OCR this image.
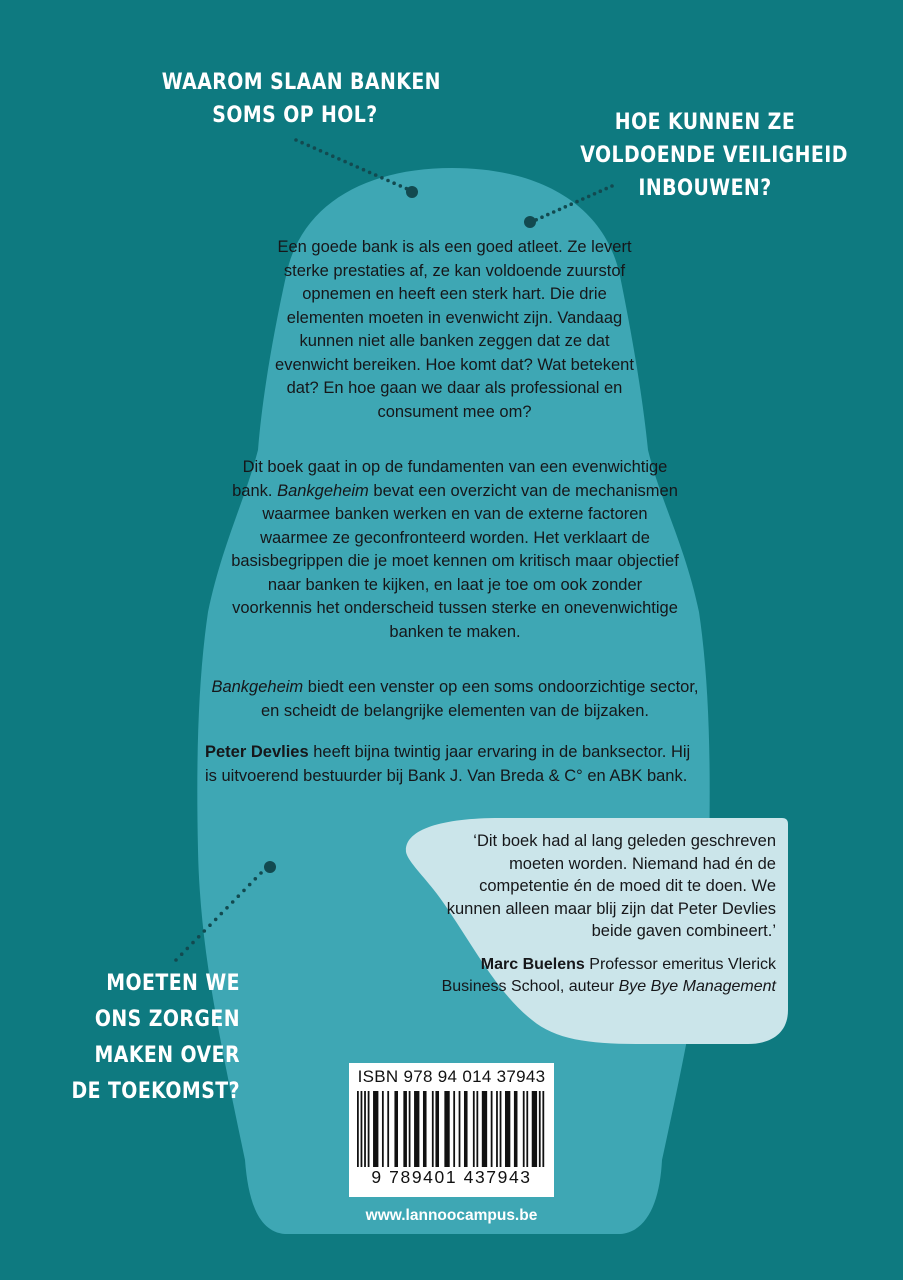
WAAROM SLAAN BANKEN
SOMS OP HOL?	HOE KUNNEN ZE
VOLDOENDE VEILIGHEID
INBOUWEN?
MOETEN WE
ONS ZORGEN
MAKEN OVER
DE TOEKOMST?

Een goede bank is als een goed atleet. Ze levert sterke prestaties af, ze kan voldoende zuurstof opnemen en heeft een sterk hart. Die drie elementen moeten in evenwicht zijn. Vandaag kunnen niet alle banken zeggen dat ze dat evenwicht bereiken. Hoe komt dat? Wat betekent dat? En hoe gaan we daar als professional en consument mee om?

Dit boek gaat in op de fundamenten van een evenwichtige bank. Bankgeheim bevat een overzicht van de mechanismen waarmee banken werken en van de externe factoren waarmee ze geconfronteerd worden. Het verklaart de basisbegrippen die je moet kennen om kritisch maar objectief naar banken te kijken, en laat je toe om ook zonder voorkennis het onderscheid tussen sterke en onevenwichtige banken te maken.

Bankgeheim biedt een venster op een soms ondoorzichtige sector, en scheidt de belangrijke elementen van de bijzaken.

Peter Devlies heeft bijna twintig jaar ervaring in de banksector. Hij is uitvoerend bestuurder bij Bank J. Van Breda & C° en ABK bank.

‘Dit boek had al lang geleden geschreven moeten worden. Niemand had én de competentie én de moed dit te doen. We kunnen alleen maar blij zijn dat Peter Devlies beide gaven combineert.’

Marc Buelens Professor emeritus Vlerick Business School, auteur Bye Bye Management

ISBN 978 94 014 37943
9 789401 437943
www.lannoocampus.be
